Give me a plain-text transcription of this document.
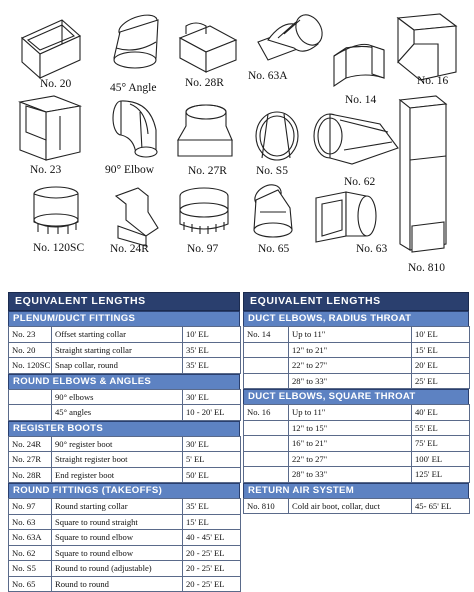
No. 20	45° Angle No. 28R
No. 63A
No. 14
No. 16
No. 23	90° Elbow	No. 27R	No. S5
No. 62
No. 120SC No. 24R	No. 97	No. 65	No. 63
No. 810
EQUIVALENT LENGTHS
PLENUM/DUCT FITTINGS
No. 23	Offset starting collar	10' EL
No. 20	Straight starting collar	35' EL
No. 120SC	Snap collar, round	35' EL
ROUND ELBOWS & ANGLES
	90° elbows	30' EL
	45° angles	10 - 20' EL
REGISTER BOOTS
No. 24R	90° register boot	30' EL
No. 27R	Straight register boot	5' EL
No. 28R	End register boot	50' EL
ROUND FITTINGS (TAKEOFFS)
No. 97	Round starting collar	35' EL
No. 63	Square to round straight	15' EL
No. 63A	Square to round elbow	40 - 45' EL
No. 62	Square to round elbow	20 - 25' EL
No. S5	Round to round (adjustable)	20 - 25' EL
No. 65	Round to round	20 - 25' EL
EQUIVALENT LENGTHS
DUCT ELBOWS, RADIUS THROAT
No. 14	Up to 11"	10' EL
	12" to 21"	15' EL
	22" to 27"	20' EL
	28" to 33"	25' EL
DUCT ELBOWS, SQUARE THROAT
No. 16	Up to 11"	40' EL
	12" to 15"	55' EL
	16" to 21"	75' EL
	22" to 27"	100' EL
	28" to 33"	125' EL
RETURN AIR SYSTEM
No. 810	Cold air boot, collar, duct	45- 65' EL
